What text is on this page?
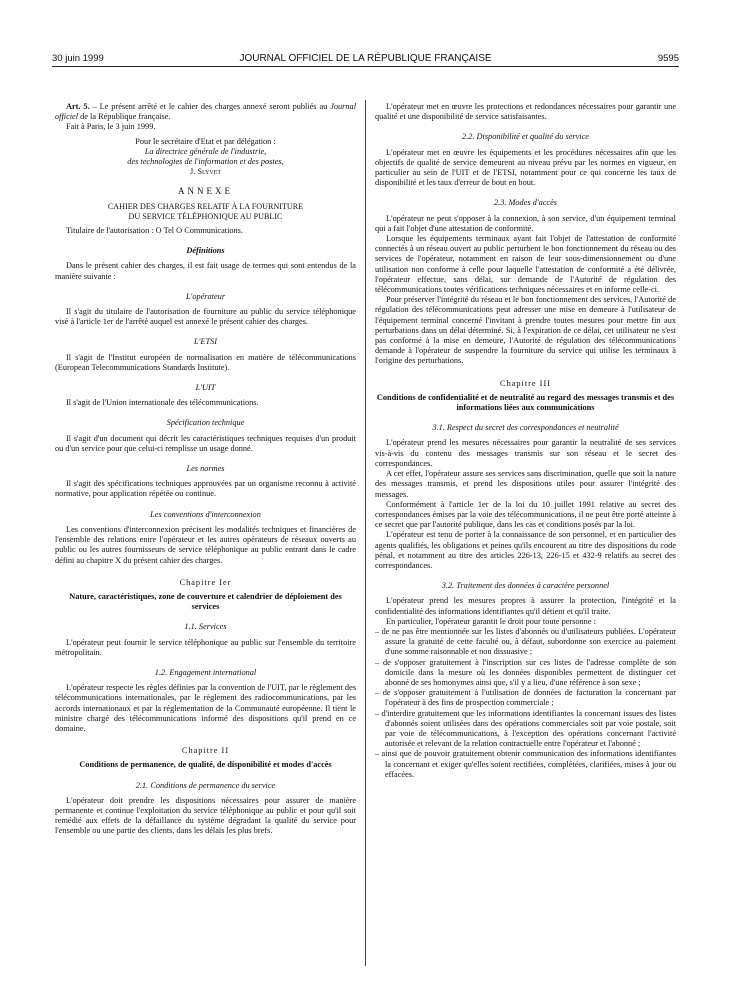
30 juin 1999	JOURNAL OFFICIEL DE LA RÉPUBLIQUE FRANÇAISE	9595

Art. 5. – Le présent arrêté et le cahier des charges annexé seront publiés au Journal officiel de la République française.

Fait à Paris, le 3 juin 1999.

Pour le secrétaire d'Etat et par délégation :

La directrice générale de l'industrie,

des technologies de l'information et des postes,

J. Slyvet

ANNEXE

CAHIER DES CHARGES RELATIF À LA FOURNITURE

DU SERVICE TÉLÉPHONIQUE AU PUBLIC

Titulaire de l'autorisation : O Tel O Communications.

Définitions

Dans le présent cahier des charges, il est fait usage de termes qui sont entendus de la manière suivante :

L'opérateur

Il s'agit du titulaire de l'autorisation de fourniture au public du service téléphonique visé à l'article 1er de l'arrêté auquel est annexé le présent cahier des charges.

L'ETSI

Il s'agit de l'Institut européen de normalisation en matière de télécommunications (European Telecommunications Standards Institute).

L'UIT

Il s'agit de l'Union internationale des télécommunications.

Spécification technique

Il s'agit d'un document qui décrit les caractéristiques techniques requises d'un produit ou d'un service pour que celui-ci remplisse un usage donné.

Les normes

Il s'agit des spécifications techniques approuvées par un organisme reconnu à activité normative, pour application répétée ou continue.

Les conventions d'interconnexion

Les conventions d'interconnexion précisent les modalités techniques et financières de l'ensemble des relations entre l'opérateur et les autres opérateurs de réseaux ouverts au public ou les autres fournisseurs de service téléphonique au public entrant dans le cadre défini au chapitre X du présent cahier des charges.

Chapitre Ier

Nature, caractéristiques, zone de couverture et calendrier de déploiement des services

1.1. Services

L'opérateur peut fournir le service téléphonique au public sur l'ensemble du territoire métropolitain.

1.2. Engagement international

L'opérateur respecte les règles définies par la convention de l'UIT, par le règlement des télécommunications internationales, par le règlement des radiocommunications, par les accords internationaux et par la réglementation de la Communauté européenne. Il tient le ministre chargé des télécommunications informé des dispositions qu'il prend en ce domaine.

Chapitre II

Conditions de permanence, de qualité, de disponibilité et modes d'accès

2.1. Conditions de permanence du service

L'opérateur doit prendre les dispositions nécessaires pour assurer de manière permanente et continue l'exploitation du service téléphonique au public et pour qu'il soit remédié aux effets de la défaillance du système dégradant la qualité du service pour l'ensemble ou une partie des clients, dans les délais les plus brefs.

L'opérateur met en œuvre les protections et redondances nécessaires pour garantir une qualité et une disponibilité de service satisfaisantes.

2.2. Disponibilité et qualité du service

L'opérateur met en œuvre les équipements et les procédures nécessaires afin que les objectifs de qualité de service demeurent au niveau prévu par les normes en vigueur, en particulier au sein de l'UIT et de l'ETSI, notamment pour ce qui concerne les taux de disponibilité et les taux d'erreur de bout en bout.

2.3. Modes d'accès

L'opérateur ne peut s'opposer à la connexion, à son service, d'un équipement terminal qui a fait l'objet d'une attestation de conformité.

Lorsque les équipements terminaux ayant fait l'objet de l'attestation de conformité connectés à un réseau ouvert au public perturbent le bon fonctionnement du réseau ou des services de l'opérateur, notamment en raison de leur sous-dimensionnement ou d'une utilisation non conforme à celle pour laquelle l'attestation de conformité a été délivrée, l'opérateur effectue, sans délai, sur demande de l'Autorité de régulation des télécommunications toutes vérifications techniques nécessaires et en informe celle-ci.

Pour préserver l'intégrité du réseau et le bon fonctionnement des services, l'Autorité de régulation des télécommunications peut adresser une mise en demeure à l'utilisateur de l'équipement terminal concerné l'invitant à prendre toutes mesures pour mettre fin aux perturbations dans un délai déterminé. Si, à l'expiration de ce délai, cet utilisateur ne s'est pas conformé à la mise en demeure, l'Autorité de régulation des télécommunications demande à l'opérateur de suspendre la fourniture du service qui utilise les terminaux à l'origine des perturbations.

Chapitre III

Conditions de confidentialité et de neutralité au regard des messages transmis et des informations liées aux communications

3.1. Respect du secret des correspondances et neutralité

L'opérateur prend les mesures nécessaires pour garantir la neutralité de ses services vis-à-vis du contenu des messages transmis sur son réseau et le secret des correspondances.

A cet effet, l'opérateur assure ses services sans discrimination, quelle que soit la nature des messages transmis, et prend les dispositions utiles pour assurer l'intégrité des messages.

Conformément à l'article 1er de la loi du 10 juillet 1991 relative au secret des correspondances émises par la voie des télécommunications, il ne peut être porté atteinte à ce secret que par l'autorité publique, dans les cas et conditions posés par la loi.

L'opérateur est tenu de porter à la connaissance de son personnel, et en particulier des agents qualifiés, les obligations et peines qu'ils encourent au titre des dispositions du code pénal, et notamment au titre des articles 226-13, 226-15 et 432-9 relatifs au secret des correspondances.

3.2. Traitement des données à caractère personnel

L'opérateur prend les mesures propres à assurer la protection, l'intégrité et la confidentialité des informations identifiantes qu'il détient et qu'il traite.

En particulier, l'opérateur garantit le droit pour toute personne :

– de ne pas être mentionnée sur les listes d'abonnés ou d'utilisateurs publiées. L'opérateur assure la gratuité de cette faculté ou, à défaut, subordonne son exercice au paiement d'une somme raisonnable et non dissuasive ;

– de s'opposer gratuitement à l'inscription sur ces listes de l'adresse complète de son domicile dans la mesure où les données disponibles permettent de distinguer cet abonné de ses homonymes ainsi que, s'il y a lieu, d'une référence à son sexe ;

– de s'opposer gratuitement à l'utilisation de données de facturation la concernant par l'opérateur à des fins de prospection commerciale ;

– d'interdire gratuitement que les informations identifiantes la concernant issues des listes d'abonnés soient utilisées dans des opérations commerciales soit par voie postale, soit par voie de télécommunications, à l'exception des opérations concernant l'activité autorisée et relevant de la relation contractuelle entre l'opérateur et l'abonné ;

– ainsi que de pouvoir gratuitement obtenir communication des informations identifiantes la concernant et exiger qu'elles soient rectifiées, complétées, clarifiées, mises à jour ou effacées.
